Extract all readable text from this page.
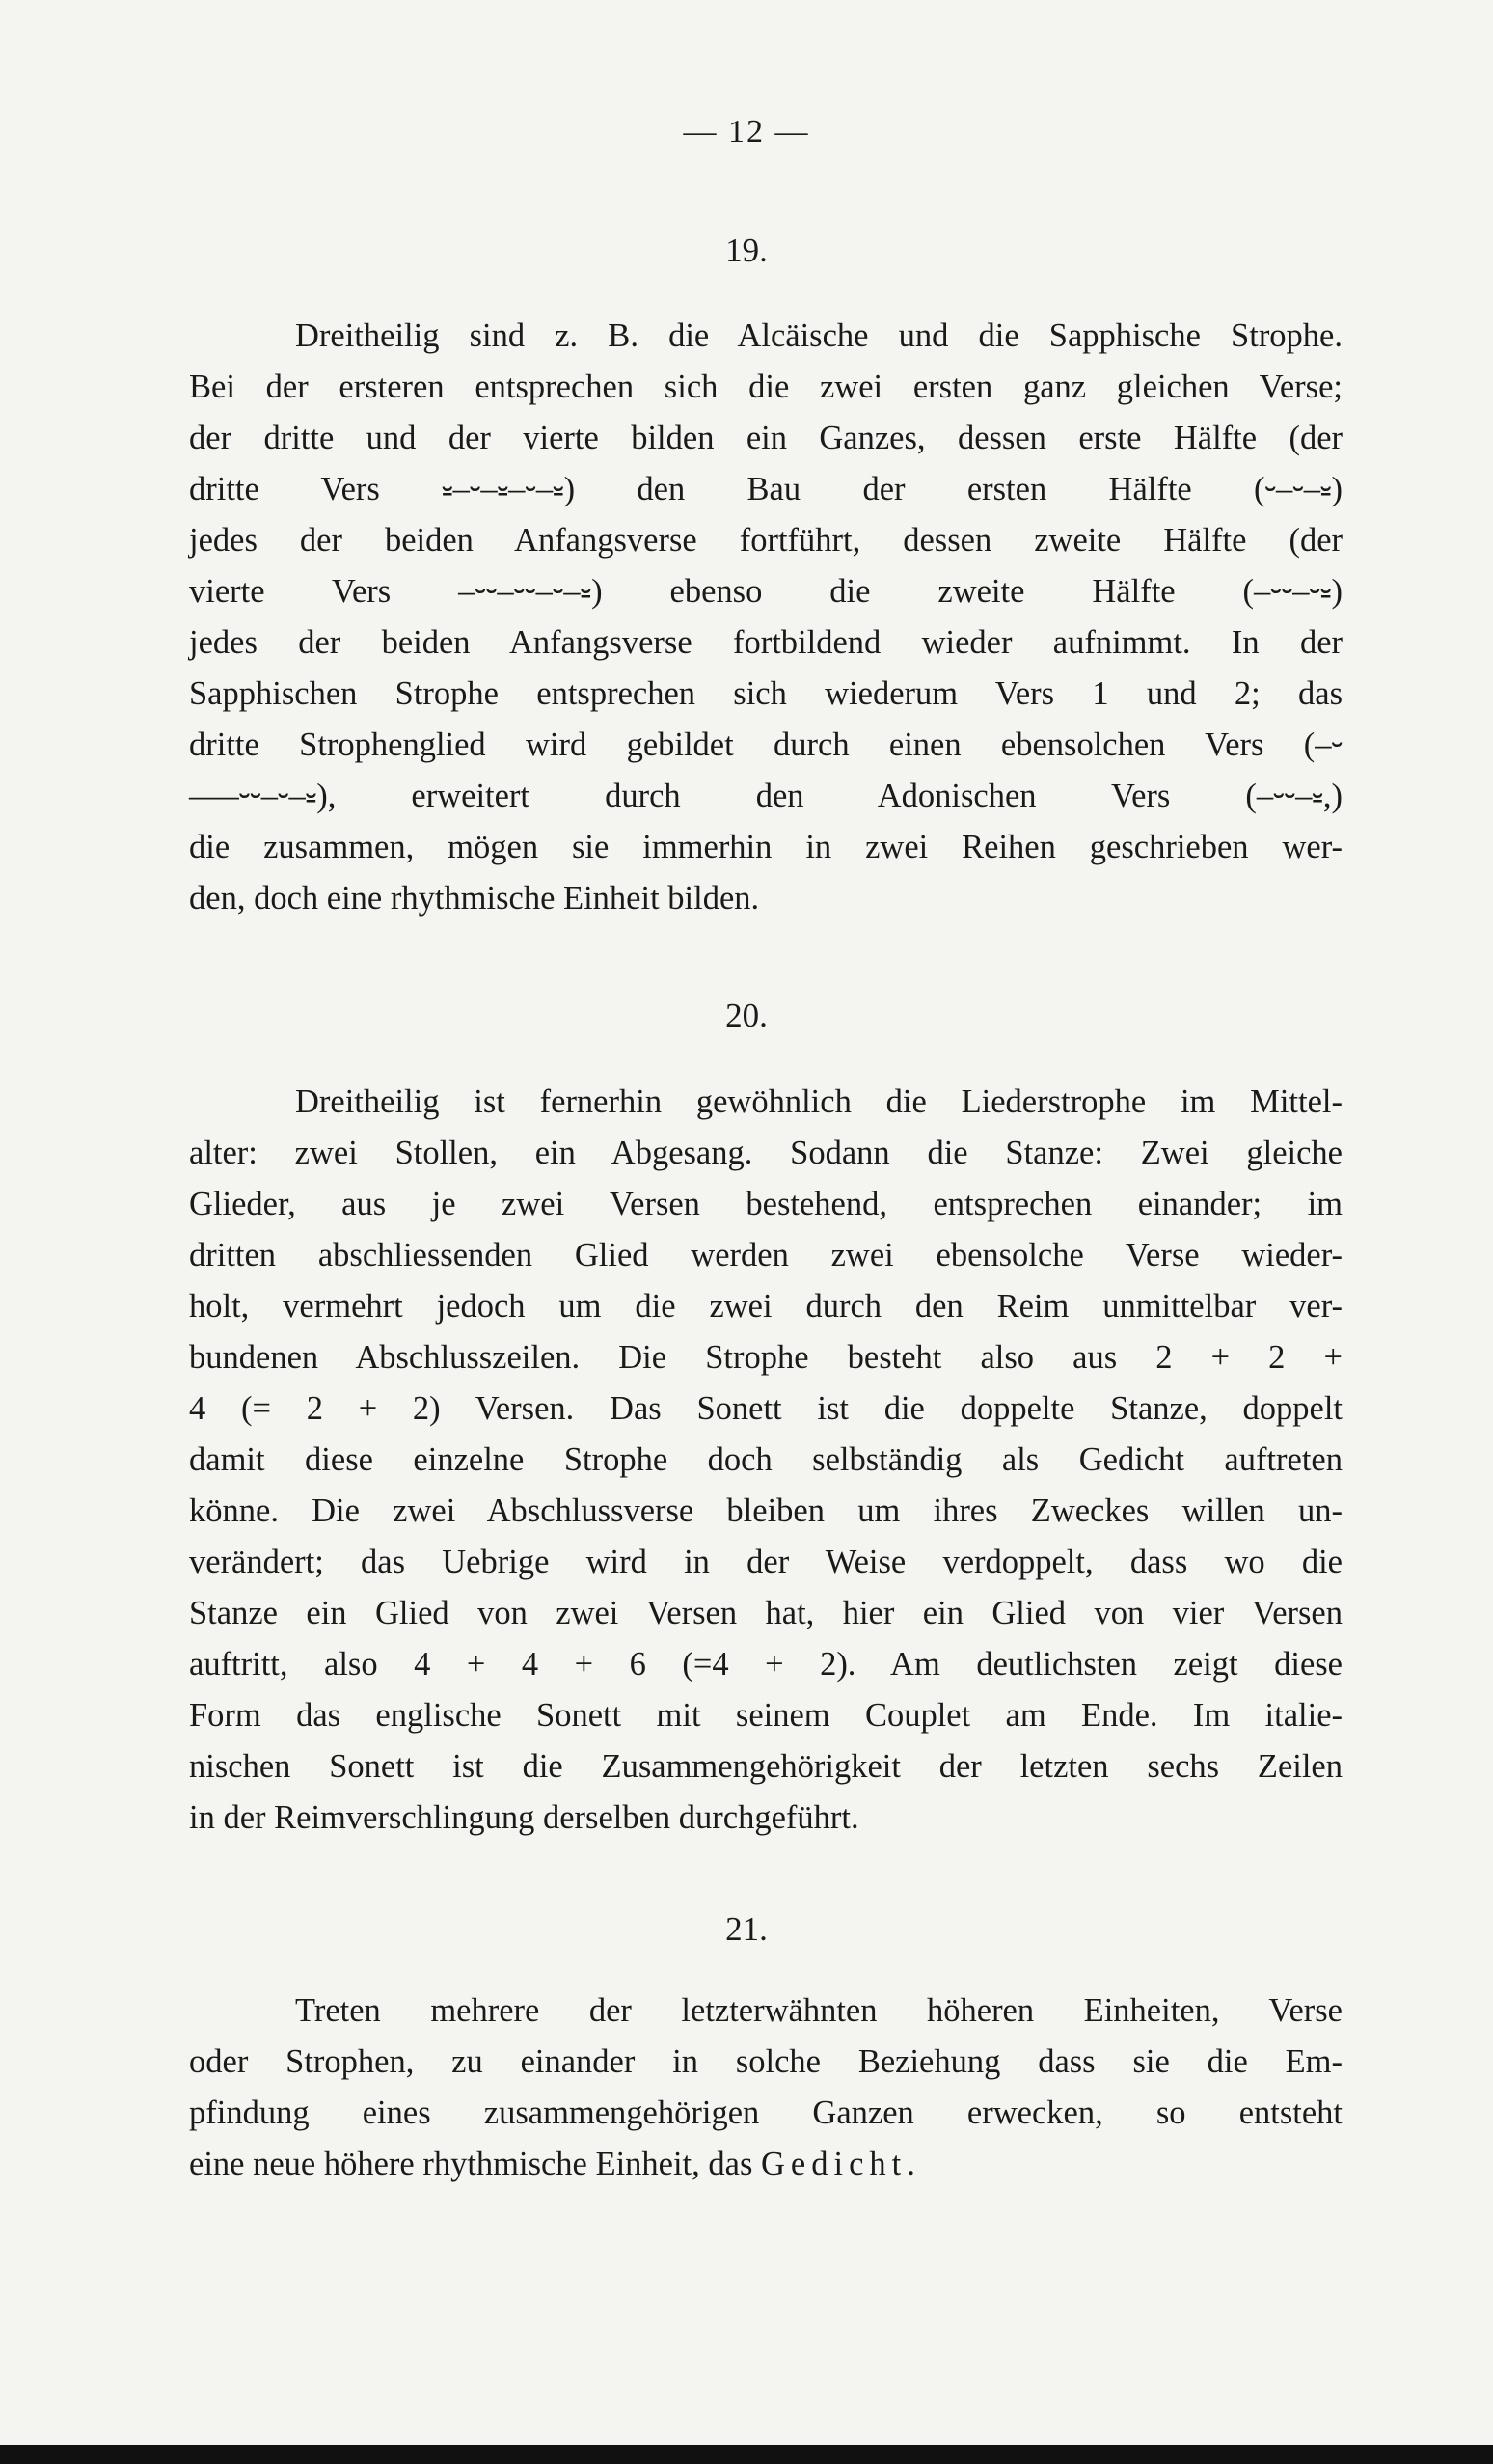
— 12 —
19.
Dreitheilig sind z. B. die Alcäische und die Sapphische Strophe.
Bei der ersteren entsprechen sich die zwei ersten ganz gleichen Verse;
der dritte und der vierte bilden ein Ganzes, dessen erste Hälfte (der
dritte Vers ⏓–⏑–⏓–⏑–⏓) den Bau der ersten Hälfte (⏑–⏑–⏓)
jedes der beiden Anfangsverse fortführt, dessen zweite Hälfte (der
vierte Vers –⏑⏑–⏑⏑–⏑–⏓) ebenso die zweite Hälfte (–⏑⏑–⏑⏓)
jedes der beiden Anfangsverse fortbildend wieder aufnimmt. In der
Sapphischen Strophe entsprechen sich wiederum Vers 1 und 2; das
dritte Strophenglied wird gebildet durch einen ebensolchen Vers (–⏑
–––⏑⏑–⏑–⏓), erweitert durch den Adonischen Vers (–⏑⏑–⏓,)
die zusammen, mögen sie immerhin in zwei Reihen geschrieben wer-
den, doch eine rhythmische Einheit bilden.
20.
Dreitheilig ist fernerhin gewöhnlich die Liederstrophe im Mittel-
alter: zwei Stollen, ein Abgesang. Sodann die Stanze: Zwei gleiche
Glieder, aus je zwei Versen bestehend, entsprechen einander; im
dritten abschliessenden Glied werden zwei ebensolche Verse wieder-
holt, vermehrt jedoch um die zwei durch den Reim unmittelbar ver-
bundenen Abschlusszeilen. Die Strophe besteht also aus 2 + 2 +
4 (= 2 + 2) Versen. Das Sonett ist die doppelte Stanze, doppelt
damit diese einzelne Strophe doch selbständig als Gedicht auftreten
könne. Die zwei Abschlussverse bleiben um ihres Zweckes willen un-
verändert; das Uebrige wird in der Weise verdoppelt, dass wo die
Stanze ein Glied von zwei Versen hat, hier ein Glied von vier Versen
auftritt, also 4 + 4 + 6 (=4 + 2). Am deutlichsten zeigt diese
Form das englische Sonett mit seinem Couplet am Ende. Im italie-
nischen Sonett ist die Zusammengehörigkeit der letzten sechs Zeilen
in der Reimverschlingung derselben durchgeführt.
21.
Treten mehrere der letzterwähnten höheren Einheiten, Verse
oder Strophen, zu einander in solche Beziehung dass sie die Em-
pfindung eines zusammengehörigen Ganzen erwecken, so entsteht
eine neue höhere rhythmische Einheit, das Gedicht.
